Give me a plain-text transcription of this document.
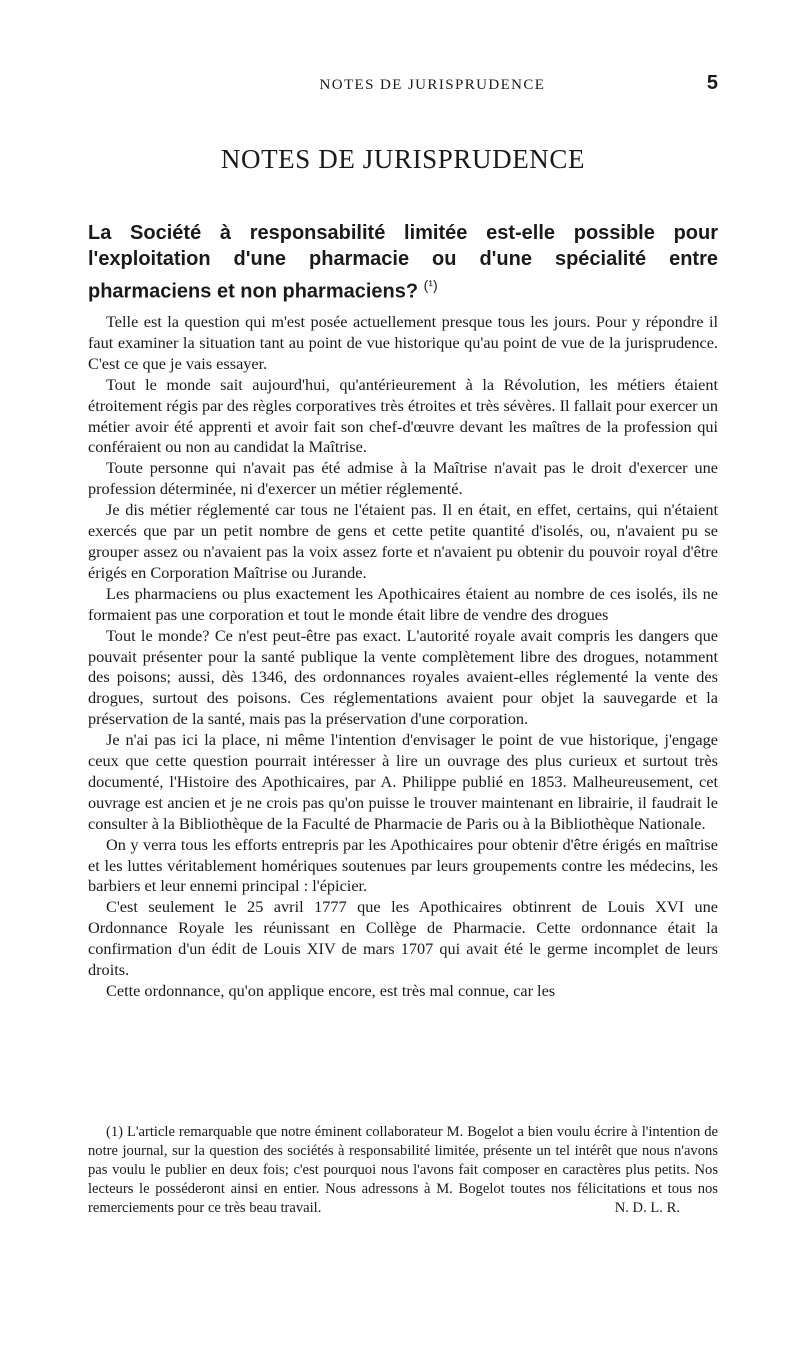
NOTES DE JURISPRUDENCE	5
NOTES DE JURISPRUDENCE
La Société à responsabilité limitée est-elle possible pour l'exploitation d'une pharmacie ou d'une spécialité entre pharmaciens et non pharmaciens? $^{(^1)}$

Telle est la question qui m'est posée actuellement presque tous les jours. Pour y répondre il faut examiner la situation tant au point de vue historique qu'au point de vue de la jurisprudence. C'est ce que je vais essayer.

Tout le monde sait aujourd'hui, qu'antérieurement à la Révolution, les métiers étaient étroitement régis par des règles corporatives très étroites et très sévères. Il fallait pour exercer un métier avoir été apprenti et avoir fait son chef-d'œuvre devant les maîtres de la profession qui conféraient ou non au candidat la Maîtrise.

Toute personne qui n'avait pas été admise à la Maîtrise n'avait pas le droit d'exercer une profession déterminée, ni d'exercer un métier réglementé.

Je dis métier réglementé car tous ne l'étaient pas. Il en était, en effet, certains, qui n'étaient exercés que par un petit nombre de gens et cette petite quantité d'isolés, ou, n'avaient pu se grouper assez ou n'avaient pas la voix assez forte et n'avaient pu obtenir du pouvoir royal d'être érigés en Corporation Maîtrise ou Jurande.

Les pharmaciens ou plus exactement les Apothicaires étaient au nombre de ces isolés, ils ne formaient pas une corporation et tout le monde était libre de vendre des drogues

Tout le monde? Ce n'est peut-être pas exact. L'autorité royale avait compris les dangers que pouvait présenter pour la santé publique la vente complètement libre des drogues, notamment des poisons; aussi, dès 1346, des ordonnances royales avaient-elles réglementé la vente des drogues, surtout des poisons. Ces réglementations avaient pour objet la sauvegarde et la préservation de la santé, mais pas la préservation d'une corporation.

Je n'ai pas ici la place, ni même l'intention d'envisager le point de vue historique, j'engage ceux que cette question pourrait intéresser à lire un ouvrage des plus curieux et surtout très documenté, l'Histoire des Apothicaires, par A. Philippe publié en 1853. Malheureusement, cet ouvrage est ancien et je ne crois pas qu'on puisse le trouver maintenant en librairie, il faudrait le consulter à la Bibliothèque de la Faculté de Pharmacie de Paris ou à la Bibliothèque Nationale.

On y verra tous les efforts entrepris par les Apothicaires pour obtenir d'être érigés en maîtrise et les luttes véritablement homériques soutenues par leurs groupements contre les médecins, les barbiers et leur ennemi principal : l'épicier.

C'est seulement le 25 avril 1777 que les Apothicaires obtinrent de Louis XVI une Ordonnance Royale les réunissant en Collège de Pharmacie. Cette ordonnance était la confirmation d'un édit de Louis XIV de mars 1707 qui avait été le germe incomplet de leurs droits.

Cette ordonnance, qu'on applique encore, est très mal connue, car les

(1) L'article remarquable que notre éminent collaborateur M. Bogelot a bien voulu écrire à l'intention de notre journal, sur la question des sociétés à responsabilité limitée, présente un tel intérêt que nous n'avons pas voulu le publier en deux fois; c'est pourquoi nous l'avons fait composer en caractères plus petits. Nos lecteurs le posséderont ainsi en entier. Nous adressons à M. Bogelot toutes nos félicitations et tous nos remerciements pour ce très beau travail.	N. D. L. R.
